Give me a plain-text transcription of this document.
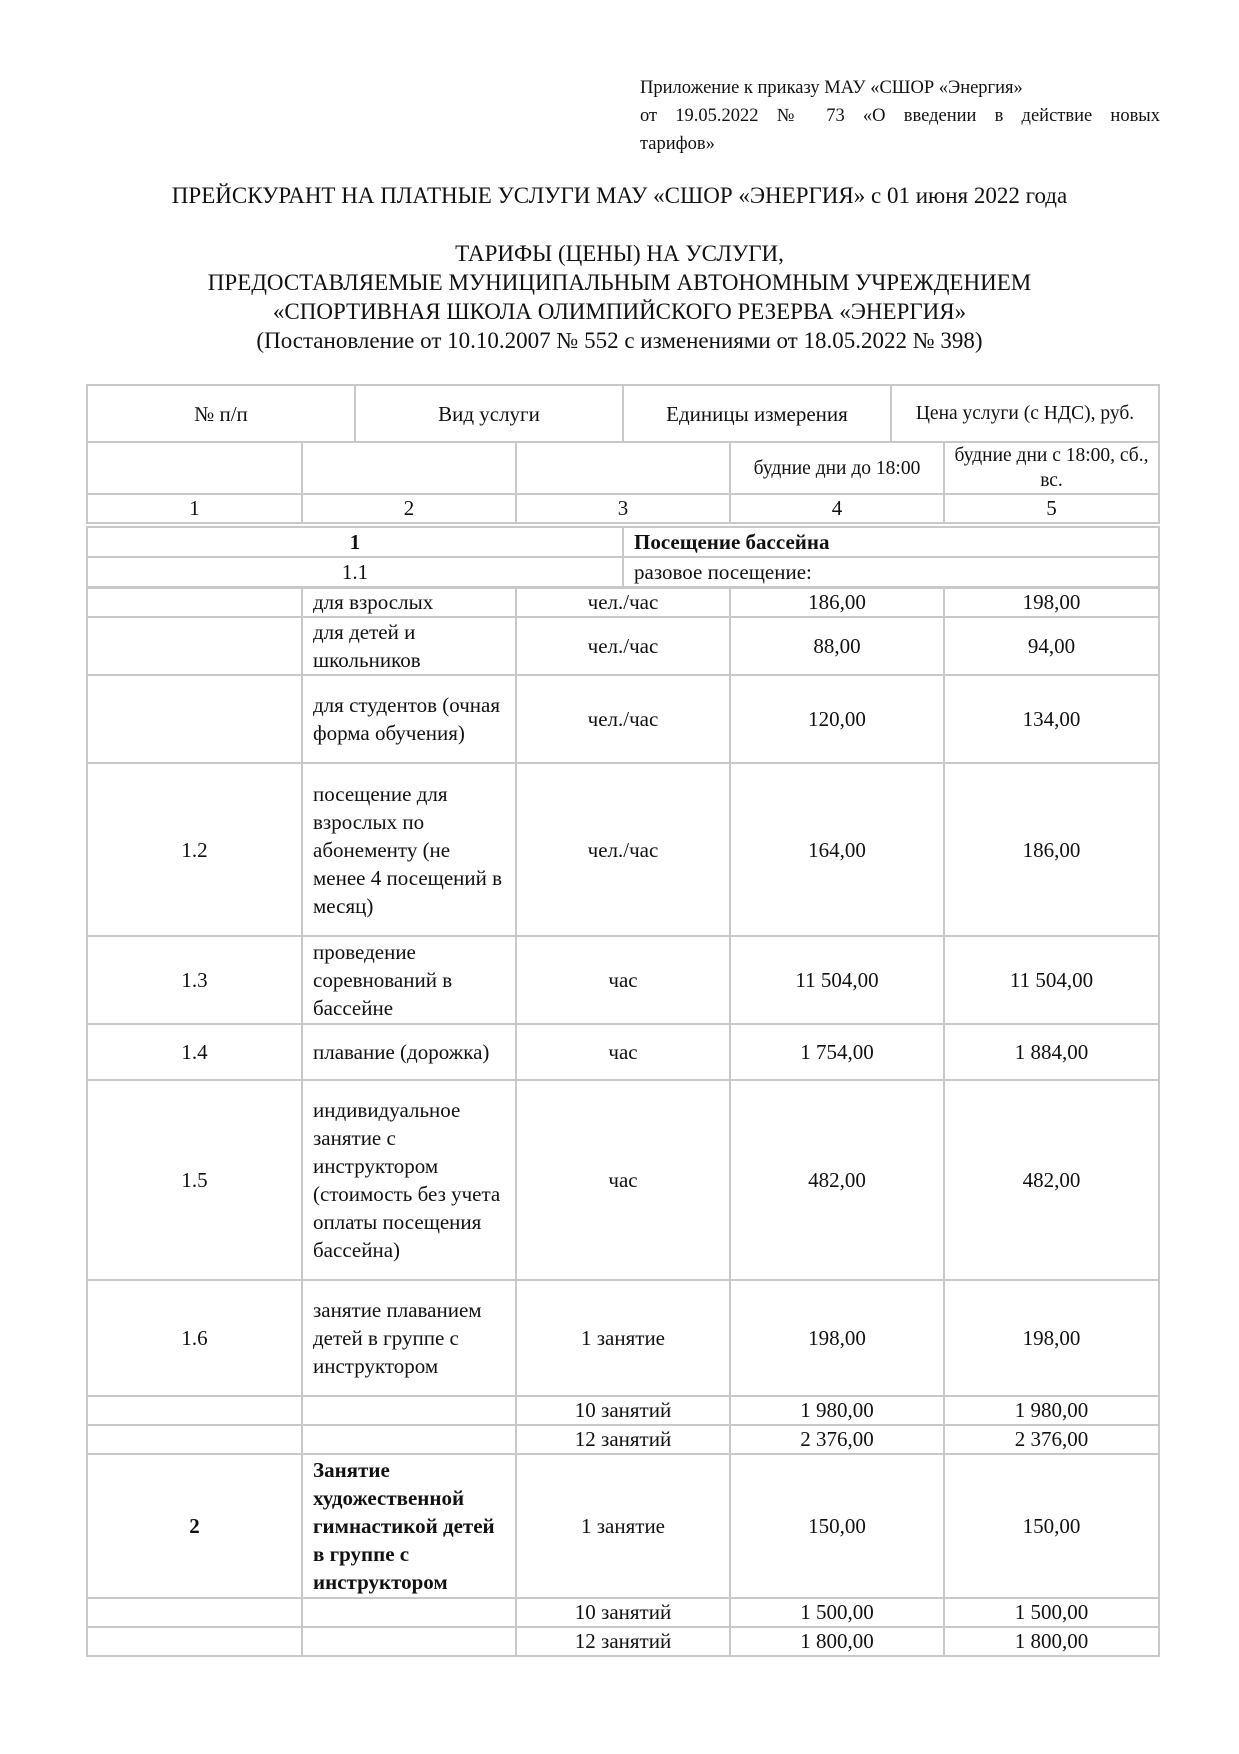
Приложение к приказу МАУ «СШОР «Энергия»
от 19.05.2022 № 73 «О введении в действие новых
тарифов»
ПРЕЙСКУРАНТ НА ПЛАТНЫЕ УСЛУГИ МАУ «СШОР «ЭНЕРГИЯ» с 01 июня 2022 года
ТАРИФЫ (ЦЕНЫ) НА УСЛУГИ,
ПРЕДОСТАВЛЯЕМЫЕ МУНИЦИПАЛЬНЫМ АВТОНОМНЫМ УЧРЕЖДЕНИЕМ
«СПОРТИВНАЯ ШКОЛА ОЛИМПИЙСКОГО РЕЗЕРВА «ЭНЕРГИЯ»
(Постановление от 10.10.2007 № 552 с изменениями от 18.05.2022 № 398)
№ п/п	Вид услуги	Единицы измерения	Цена услуги (с НДС), руб.
			будние дни до 18:00	будние дни с 18:00, сб., вс.
1	2	3	4	5
1	Посещение бассейна
1.1	разовое посещение:
	для взрослых	чел./час	186,00	198,00
	для детей и школьников	чел./час	88,00	94,00
	для студентов (очная форма обучения)	чел./час	120,00	134,00
1.2	посещение для взрослых по абонементу (не менее 4 посещений в месяц)	чел./час	164,00	186,00
1.3	проведение соревнований в бассейне	час	11 504,00	11 504,00
1.4	плавание (дорожка)	час	1 754,00	1 884,00
1.5	индивидуальное занятие с инструктором (стоимость без учета оплаты посещения бассейна)	час	482,00	482,00
1.6	занятие плаванием детей в группе с инструктором	1 занятие	198,00	198,00
		10 занятий	1 980,00	1 980,00
		12 занятий	2 376,00	2 376,00
2	Занятие художественной гимнастикой детей в группе с инструктором	1 занятие	150,00	150,00
		10 занятий	1 500,00	1 500,00
		12 занятий	1 800,00	1 800,00
